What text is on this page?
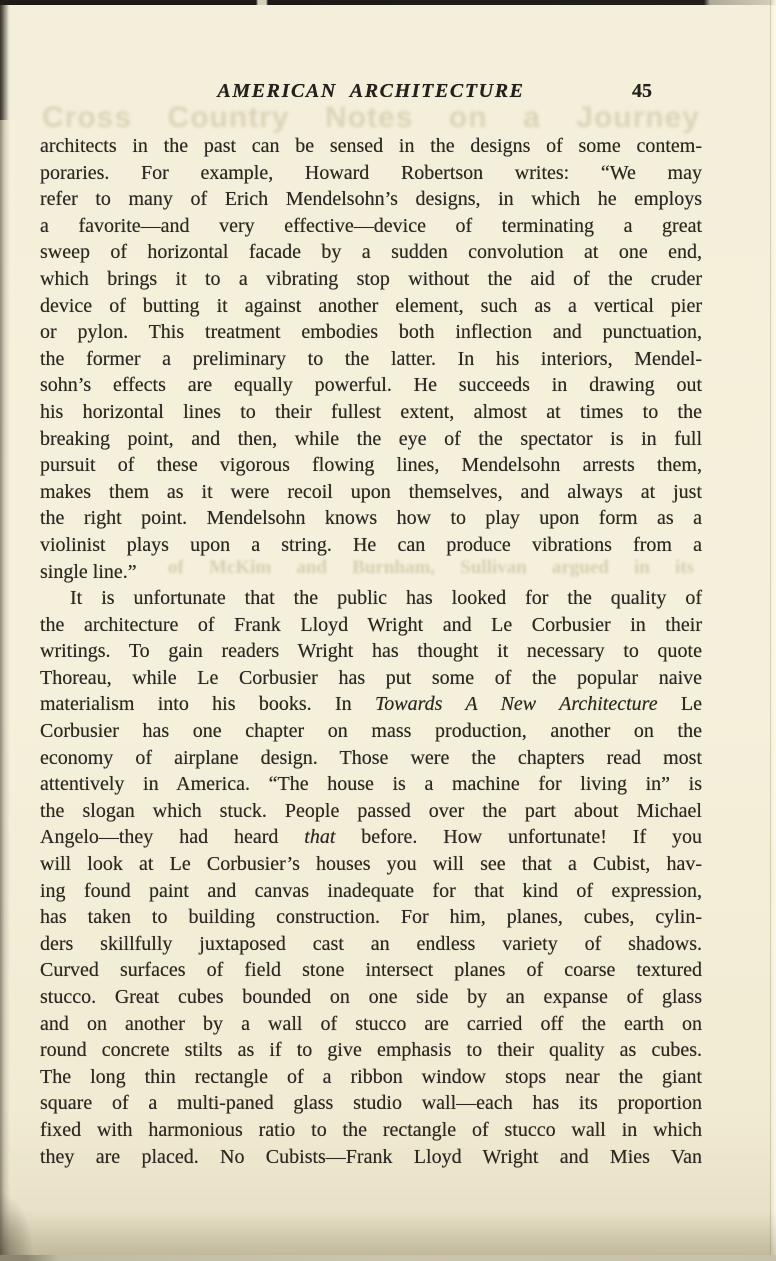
AMERICAN ARCHITECTURE	45
Cross Country Notes on a Journey
of McKim and Burnham, Sullivan argued in its
architects in the past can be sensed in the designs of some contem-
poraries. For example, Howard Robertson writes: “We may
refer to many of Erich Mendelsohn’s designs, in which he employs
a favorite—and very effective—device of terminating a great
sweep of horizontal facade by a sudden convolution at one end,
which brings it to a vibrating stop without the aid of the cruder
device of butting it against another element, such as a vertical pier
or pylon. This treatment embodies both inflection and punctuation,
the former a preliminary to the latter. In his interiors, Mendel-
sohn’s effects are equally powerful. He succeeds in drawing out
his horizontal lines to their fullest extent, almost at times to the
breaking point, and then, while the eye of the spectator is in full
pursuit of these vigorous flowing lines, Mendelsohn arrests them,
makes them as it were recoil upon themselves, and always at just
the right point. Mendelsohn knows how to play upon form as a
violinist plays upon a string. He can produce vibrations from a
single line.”
It is unfortunate that the public has looked for the quality of
the architecture of Frank Lloyd Wright and Le Corbusier in their
writings. To gain readers Wright has thought it necessary to quote
Thoreau, while Le Corbusier has put some of the popular naive
materialism into his books. In Towards A New Architecture Le
Corbusier has one chapter on mass production, another on the
economy of airplane design. Those were the chapters read most
attentively in America. “The house is a machine for living in” is
the slogan which stuck. People passed over the part about Michael
Angelo—they had heard that before. How unfortunate! If you
will look at Le Corbusier’s houses you will see that a Cubist, hav-
ing found paint and canvas inadequate for that kind of expression,
has taken to building construction. For him, planes, cubes, cylin-
ders skillfully juxtaposed cast an endless variety of shadows.
Curved surfaces of field stone intersect planes of coarse textured
stucco. Great cubes bounded on one side by an expanse of glass
and on another by a wall of stucco are carried off the earth on
round concrete stilts as if to give emphasis to their quality as cubes.
The long thin rectangle of a ribbon window stops near the giant
square of a multi-paned glass studio wall—each has its proportion
fixed with harmonious ratio to the rectangle of stucco wall in which
they are placed. No Cubists—Frank Lloyd Wright and Mies Van
